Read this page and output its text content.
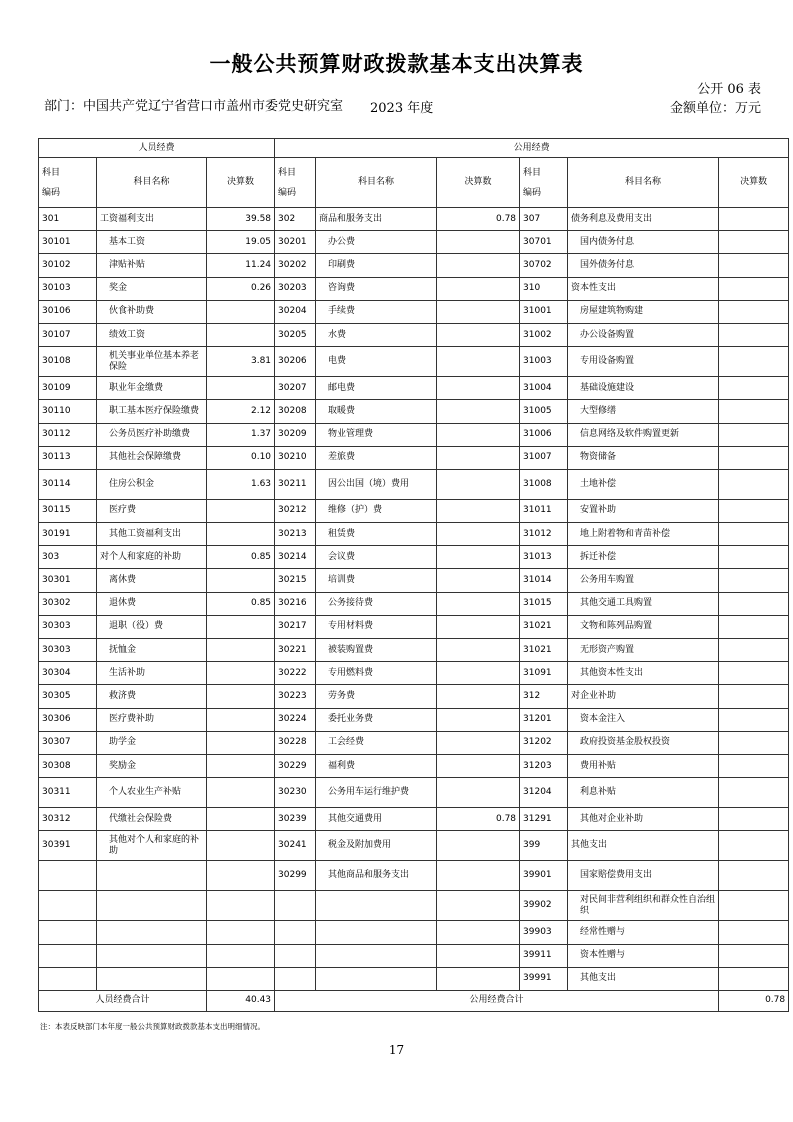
一般公共预算财政拨款基本支出决算表
公开 06 表
部门：中国共产党辽宁省营口市盖州市委党史研究室 2023 年度	金额单位：万元
人员经费			公用经费					
科目
编码	科目名称	决算数	科目
编码	科目名称	决算数	科目
编码	科目名称	决算数
301	工资福利支出	39.58	302	商品和服务支出	0.78	307	债务利息及费用支出	
30101	基本工资	19.05	30201	办公费		30701	国内债务付息	
30102	津贴补贴	11.24	30202	印刷费		30702	国外债务付息	
30103	奖金	0.26	30203	咨询费		310	资本性支出	
30106	伙食补助费		30204	手续费		31001	房屋建筑物购建	
30107	绩效工资		30205	水费		31002	办公设备购置	
30108	机关事业单位基本养老保险	3.81	30206	电费		31003	专用设备购置	
30109	职业年金缴费		30207	邮电费		31004	基础设施建设	
30110	职工基本医疗保险缴费	2.12	30208	取暖费		31005	大型修缮	
30112	公务员医疗补助缴费	1.37	30209	物业管理费		31006	信息网络及软件购置更新	
30113	其他社会保障缴费	0.10	30210	差旅费		31007	物资储备	
30114	住房公积金	1.63	30211	因公出国（境）费用		31008	土地补偿	
30115	医疗费		30212	维修（护）费		31011	安置补助	
30191	其他工资福利支出		30213	租赁费		31012	地上附着物和青苗补偿	
303	对个人和家庭的补助	0.85	30214	会议费		31013	拆迁补偿	
30301	离休费		30215	培训费		31014	公务用车购置	
30302	退休费	0.85	30216	公务接待费		31015	其他交通工具购置	
30303	退职（役）费		30217	专用材料费		31021	文物和陈列品购置	
30303	抚恤金		30221	被装购置费		31021	无形资产购置	
30304	生活补助		30222	专用燃料费		31091	其他资本性支出	
30305	救济费		30223	劳务费		312	对企业补助	
30306	医疗费补助		30224	委托业务费		31201	资本金注入	
30307	助学金		30228	工会经费		31202	政府投资基金股权投资	
30308	奖励金		30229	福利费		31203	费用补贴	
30311	个人农业生产补贴		30230	公务用车运行维护费		31204	利息补贴	
30312	代缴社会保险费		30239	其他交通费用	0.78	31291	其他对企业补助	
30391	其他对个人和家庭的补助		30241	税金及附加费用		399	其他支出	
			30299	其他商品和服务支出		39901	国家赔偿费用支出	
						39902	对民间非营利组织和群众性自治组织	
						39903	经常性赠与	
						39911	资本性赠与	
						39991	其他支出	
人员经费合计		40.43	公用经费合计					0.78
注：本表反映部门本年度一般公共预算财政拨款基本支出明细情况。
17
